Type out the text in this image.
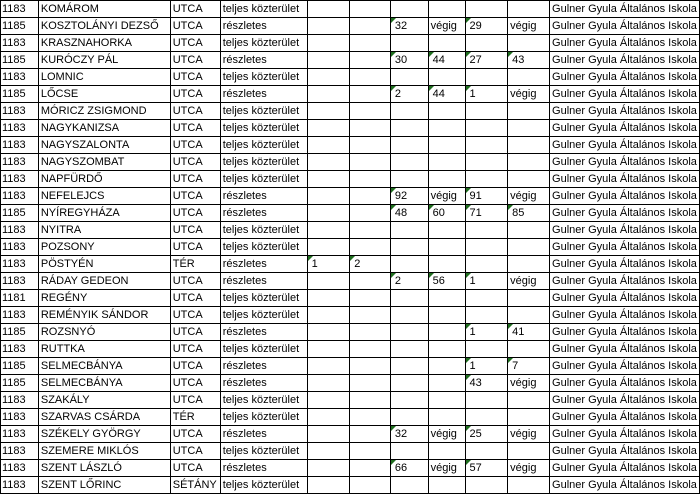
1183	KOMÁROM	UTCA	teljes közterület							Gulner Gyula Általános Iskola
1185	KOSZTOLÁNYI DEZSŐ	UTCA	részletes			32	végig	29	végig	Gulner Gyula Általános Iskola
1183	KRASZNAHORKA	UTCA	teljes közterület							Gulner Gyula Általános Iskola
1185	KURÓCZY PÁL	UTCA	részletes			30	44	27	43	Gulner Gyula Általános Iskola
1183	LOMNIC	UTCA	teljes közterület							Gulner Gyula Általános Iskola
1185	LŐCSE	UTCA	részletes			2	44	1	végig	Gulner Gyula Általános Iskola
1183	MÓRICZ ZSIGMOND	UTCA	teljes közterület							Gulner Gyula Általános Iskola
1183	NAGYKANIZSA	UTCA	teljes közterület							Gulner Gyula Általános Iskola
1183	NAGYSZALONTA	UTCA	teljes közterület							Gulner Gyula Általános Iskola
1183	NAGYSZOMBAT	UTCA	teljes közterület							Gulner Gyula Általános Iskola
1183	NAPFÜRDŐ	UTCA	teljes közterület							Gulner Gyula Általános Iskola
1183	NEFELEJCS	UTCA	részletes			92	végig	91	végig	Gulner Gyula Általános Iskola
1185	NYÍREGYHÁZA	UTCA	részletes			48	60	71	85	Gulner Gyula Általános Iskola
1183	NYITRA	UTCA	teljes közterület							Gulner Gyula Általános Iskola
1183	POZSONY	UTCA	teljes közterület							Gulner Gyula Általános Iskola
1183	PÖSTYÉN	TÉR	részletes	1	2					Gulner Gyula Általános Iskola
1183	RÁDAY GEDEON	UTCA	részletes			2	56	1	végig	Gulner Gyula Általános Iskola
1181	REGÉNY	UTCA	teljes közterület							Gulner Gyula Általános Iskola
1183	REMÉNYIK SÁNDOR	UTCA	teljes közterület							Gulner Gyula Általános Iskola
1185	ROZSNYÓ	UTCA	részletes					1	41	Gulner Gyula Általános Iskola
1183	RUTTKA	UTCA	teljes közterület							Gulner Gyula Általános Iskola
1185	SELMECBÁNYA	UTCA	részletes					1	7	Gulner Gyula Általános Iskola
1185	SELMECBÁNYA	UTCA	részletes					43	végig	Gulner Gyula Általános Iskola
1183	SZAKÁLY	UTCA	teljes közterület							Gulner Gyula Általános Iskola
1183	SZARVAS CSÁRDA	TÉR	teljes közterület							Gulner Gyula Általános Iskola
1183	SZÉKELY GYÖRGY	UTCA	részletes			32	végig	25	végig	Gulner Gyula Általános Iskola
1183	SZEMERE MIKLÓS	UTCA	teljes közterület							Gulner Gyula Általános Iskola
1183	SZENT LÁSZLÓ	UTCA	részletes			66	végig	57	végig	Gulner Gyula Általános Iskola
1183	SZENT LŐRINC	SÉTÁNY	teljes közterület							Gulner Gyula Általános Iskola
